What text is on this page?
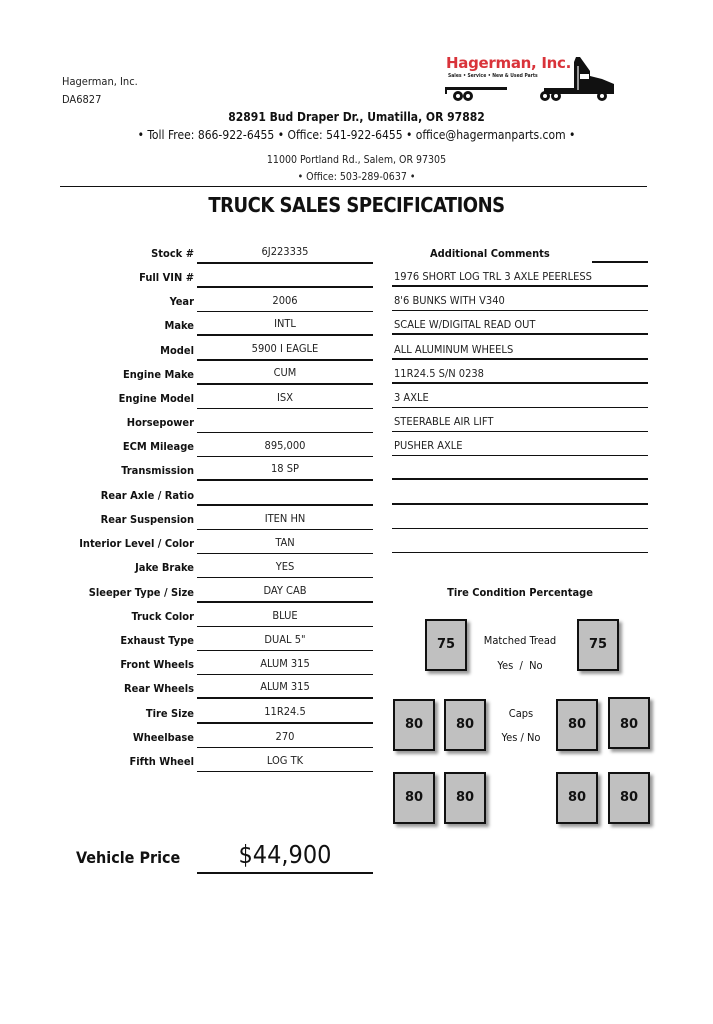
Hagerman, Inc.
DA6827
Hagerman, Inc.
Sales • Service • New & Used Parts
82891 Bud Draper Dr., Umatilla, OR 97882
• Toll Free: 866-922-6455 • Office: 541-922-6455 • office@hagermanparts.com •
11000 Portland Rd., Salem, OR 97305
• Office: 503-289-0637 •
TRUCK SALES SPECIFICATIONS
Stock #	6J223335
Full VIN #
Year	2006
Make	INTL
Model	5900 I EAGLE
Engine Make	CUM
Engine Model	ISX
Horsepower
ECM Mileage	895,000
Transmission	18 SP
Rear Axle / Ratio
Rear Suspension	ITEN HN
Interior Level / Color	TAN
Jake Brake	YES
Sleeper Type / Size	DAY CAB
Truck Color	BLUE
Exhaust Type	DUAL 5"
Front Wheels	ALUM 315
Rear Wheels	ALUM 315
Tire Size	11R24.5
Wheelbase	270
Fifth Wheel	LOG TK
Additional Comments
1976 SHORT LOG TRL 3 AXLE PEERLESS
8'6 BUNKS WITH V340
SCALE W/DIGITAL READ OUT
ALL ALUMINUM WHEELS
11R24.5 S/N 0238
3 AXLE
STEERABLE AIR LIFT
PUSHER AXLE
Tire Condition Percentage
75	75
Matched Tread
Yes  /  No
80	80	80	80
Caps
Yes / No
80	80	80	80
Vehicle Price	$44,900
